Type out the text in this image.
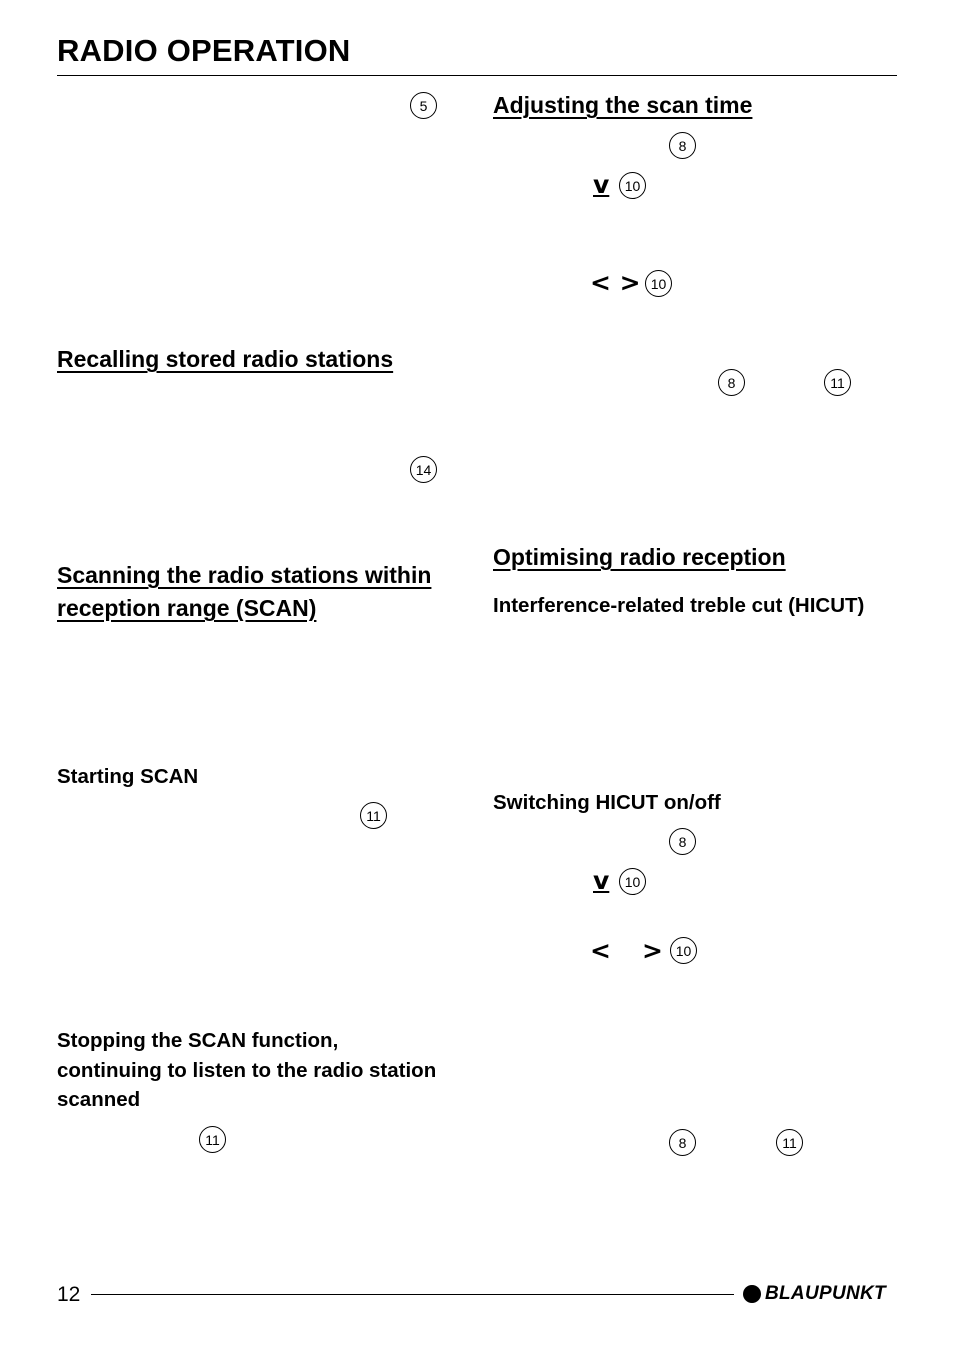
RADIO OPERATION
5
Recalling stored radio stations
14
Scanning the radio stations within reception range (SCAN)
Starting SCAN
11
Stopping the SCAN function, continuing to listen to the radio station scanned
11
Adjusting the scan time
8
v	10
< > 10
8	11
Optimising radio reception
Interference-related treble cut (HICUT)
Switching HICUT on/off
8
v	10
< > 10
8	11
12	BLAUPUNKT
